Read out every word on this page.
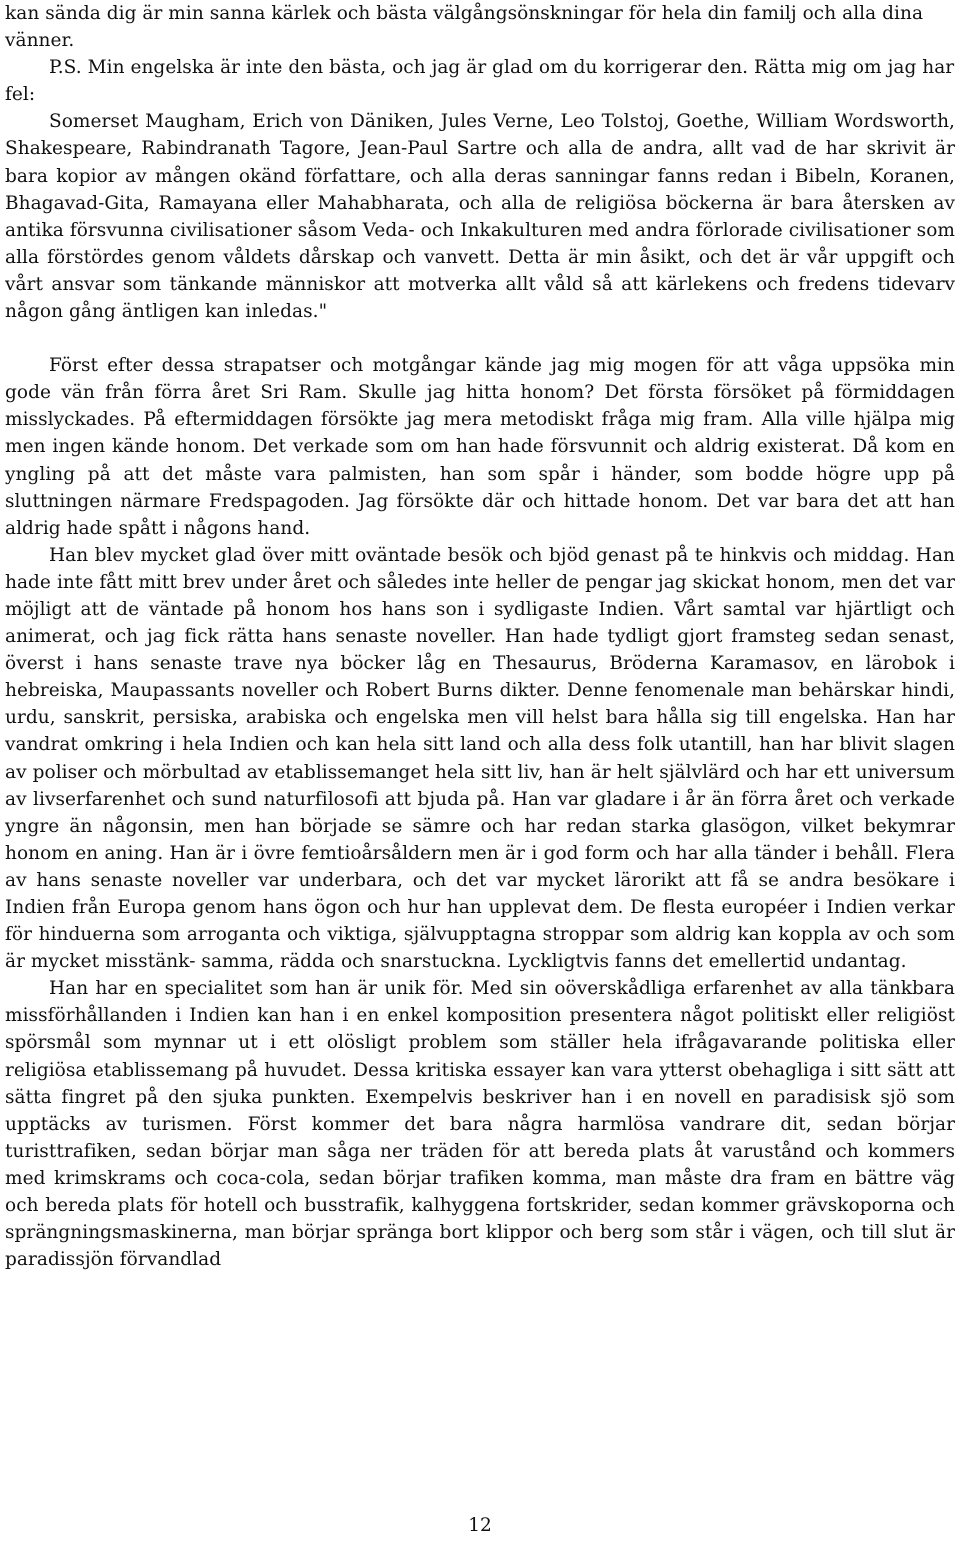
kan sända dig är min sanna kärlek och bästa välgångsönskningar för hela din familj och alla dina vänner.

P.S. Min engelska är inte den bästa, och jag är glad om du korrigerar den. Rätta mig om jag har fel:

Somerset Maugham, Erich von Däniken, Jules Verne, Leo Tolstoj, Goethe, William Wordsworth, Shakespeare, Rabindranath Tagore, Jean-Paul Sartre och alla de andra, allt vad de har skrivit är bara kopior av mången okänd författare, och alla deras sanningar fanns redan i Bibeln, Koranen, Bhagavad-Gita, Ramayana eller Mahabharata, och alla de religiösa böckerna är bara återsken av antika försvunna civilisationer såsom Veda- och Inkakulturen med andra förlorade civilisationer som alla förstördes genom våldets dårskap och vanvett. Detta är min åsikt, och det är vår uppgift och vårt ansvar som tänkande människor att motverka allt våld så att kärlekens och fredens tidevarv någon gång äntligen kan inledas."

Först efter dessa strapatser och motgångar kände jag mig mogen för att våga uppsöka min gode vän från förra året Sri Ram. Skulle jag hitta honom? Det första försöket på förmiddagen misslyckades. På eftermiddagen försökte jag mera metodiskt fråga mig fram. Alla ville hjälpa mig men ingen kände honom. Det verkade som om han hade försvunnit och aldrig existerat. Då kom en yngling på att det måste vara palmisten, han som spår i händer, som bodde högre upp på sluttningen närmare Fredspagoden. Jag försökte där och hittade honom. Det var bara det att han aldrig hade spått i någons hand.

Han blev mycket glad över mitt oväntade besök och bjöd genast på te hinkvis och middag. Han hade inte fått mitt brev under året och således inte heller de pengar jag skickat honom, men det var möjligt att de väntade på honom hos hans son i sydligaste Indien. Vårt samtal var hjärtligt och animerat, och jag fick rätta hans senaste noveller. Han hade tydligt gjort framsteg sedan senast, överst i hans senaste trave nya böcker låg en Thesaurus, Bröderna Karamasov, en lärobok i hebreiska, Maupassants noveller och Robert Burns dikter. Denne fenomenale man behärskar hindi, urdu, sanskrit, persiska, arabiska och engelska men vill helst bara hålla sig till engelska. Han har vandrat omkring i hela Indien och kan hela sitt land och alla dess folk utantill, han har blivit slagen av poliser och mörbultad av etablissemanget hela sitt liv, han är helt självlärd och har ett universum av livserfarenhet och sund naturfilosofi att bjuda på. Han var gladare i år än förra året och verkade yngre än någonsin, men han började se sämre och har redan starka glasögon, vilket bekymrar honom en aning. Han är i övre femtioårsåldern men är i god form och har alla tänder i behåll. Flera av hans senaste noveller var underbara, och det var mycket lärorikt att få se andra besökare i Indien från Europa genom hans ögon och hur han upplevat dem. De flesta européer i Indien verkar för hinduerna som arroganta och viktiga, självupptagna stroppar som aldrig kan koppla av och som är mycket misstänk- samma, rädda och snarstuckna. Lyckligtvis fanns det emellertid undantag.

Han har en specialitet som han är unik för. Med sin oöverskådliga erfarenhet av alla tänkbara missförhållanden i Indien kan han i en enkel komposition presentera något politiskt eller religiöst spörsmål som mynnar ut i ett olösligt problem som ställer hela ifrågavarande politiska eller religiösa etablissemang på huvudet. Dessa kritiska essayer kan vara ytterst obehagliga i sitt sätt att sätta fingret på den sjuka punkten. Exempelvis beskriver han i en novell en paradisisk sjö som upptäcks av turismen. Först kommer det bara några harmlösa vandrare dit, sedan börjar turisttrafiken, sedan börjar man såga ner träden för att bereda plats åt varustånd och kommers med krimskrams och coca-cola, sedan börjar trafiken komma, man måste dra fram en bättre väg och bereda plats för hotell och busstrafik, kalhyggena fortskrider, sedan kommer grävskoporna och sprängningsmaskinerna, man börjar spränga bort klippor och berg som står i vägen, och till slut är paradissjön förvandlad

12
